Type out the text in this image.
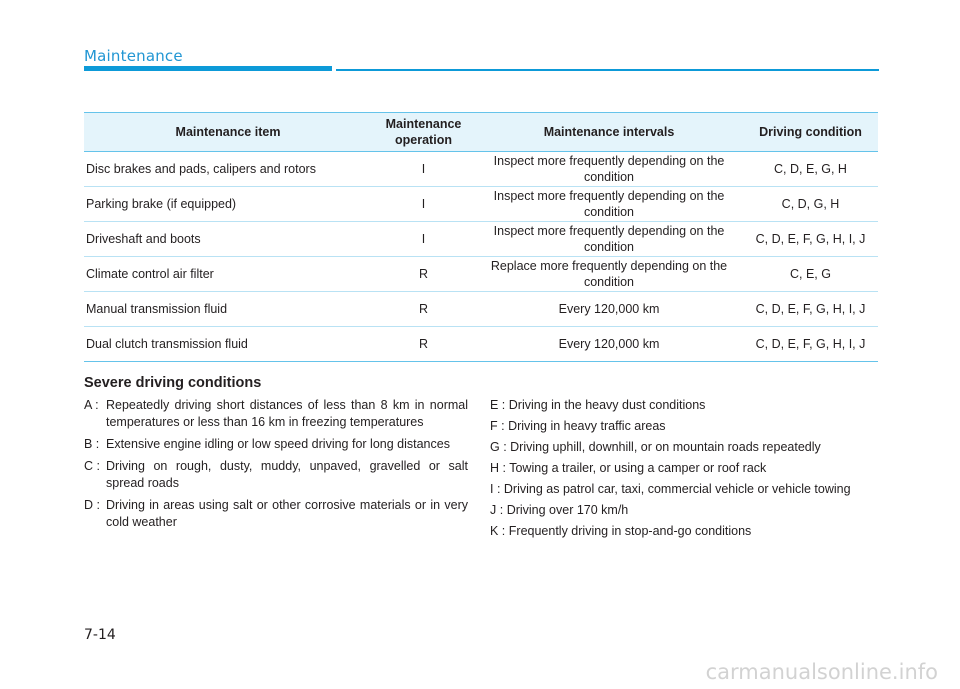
Maintenance
Maintenance item	Maintenance operation	Maintenance intervals	Driving condition
Disc brakes and pads, calipers and rotors	I	Inspect more frequently depending on the condition	C, D, E, G, H
Parking brake (if equipped)	I	Inspect more frequently depending on the condition	C, D, G, H
Driveshaft and boots	I	Inspect more frequently depending on the condition	C, D, E, F, G, H, I, J
Climate control air filter	R	Replace more frequently depending on the condition	C, E, G
Manual transmission fluid	R	Every 120,000 km	C, D, E, F, G, H, I, J
Dual clutch transmission fluid	R	Every 120,000 km	C, D, E, F, G, H, I, J
Severe driving conditions
A : Repeatedly driving short distances of less than 8 km in normal temperatures or less than 16 km in freezing temperatures
B : Extensive engine idling or low speed driving for long distances
C : Driving on rough, dusty, muddy, unpaved, gravelled or salt spread roads
D : Driving in areas using salt or other corrosive materials or in very cold weather
E : Driving in the heavy dust conditions
F : Driving in heavy traffic areas
G : Driving uphill, downhill, or on mountain roads repeatedly
H : Towing a trailer, or using a camper or roof rack
I : Driving as patrol car, taxi, commercial vehicle or vehicle towing
J : Driving over 170 km/h
K : Frequently driving in stop-and-go conditions
7-14
carmanualsonline.info
